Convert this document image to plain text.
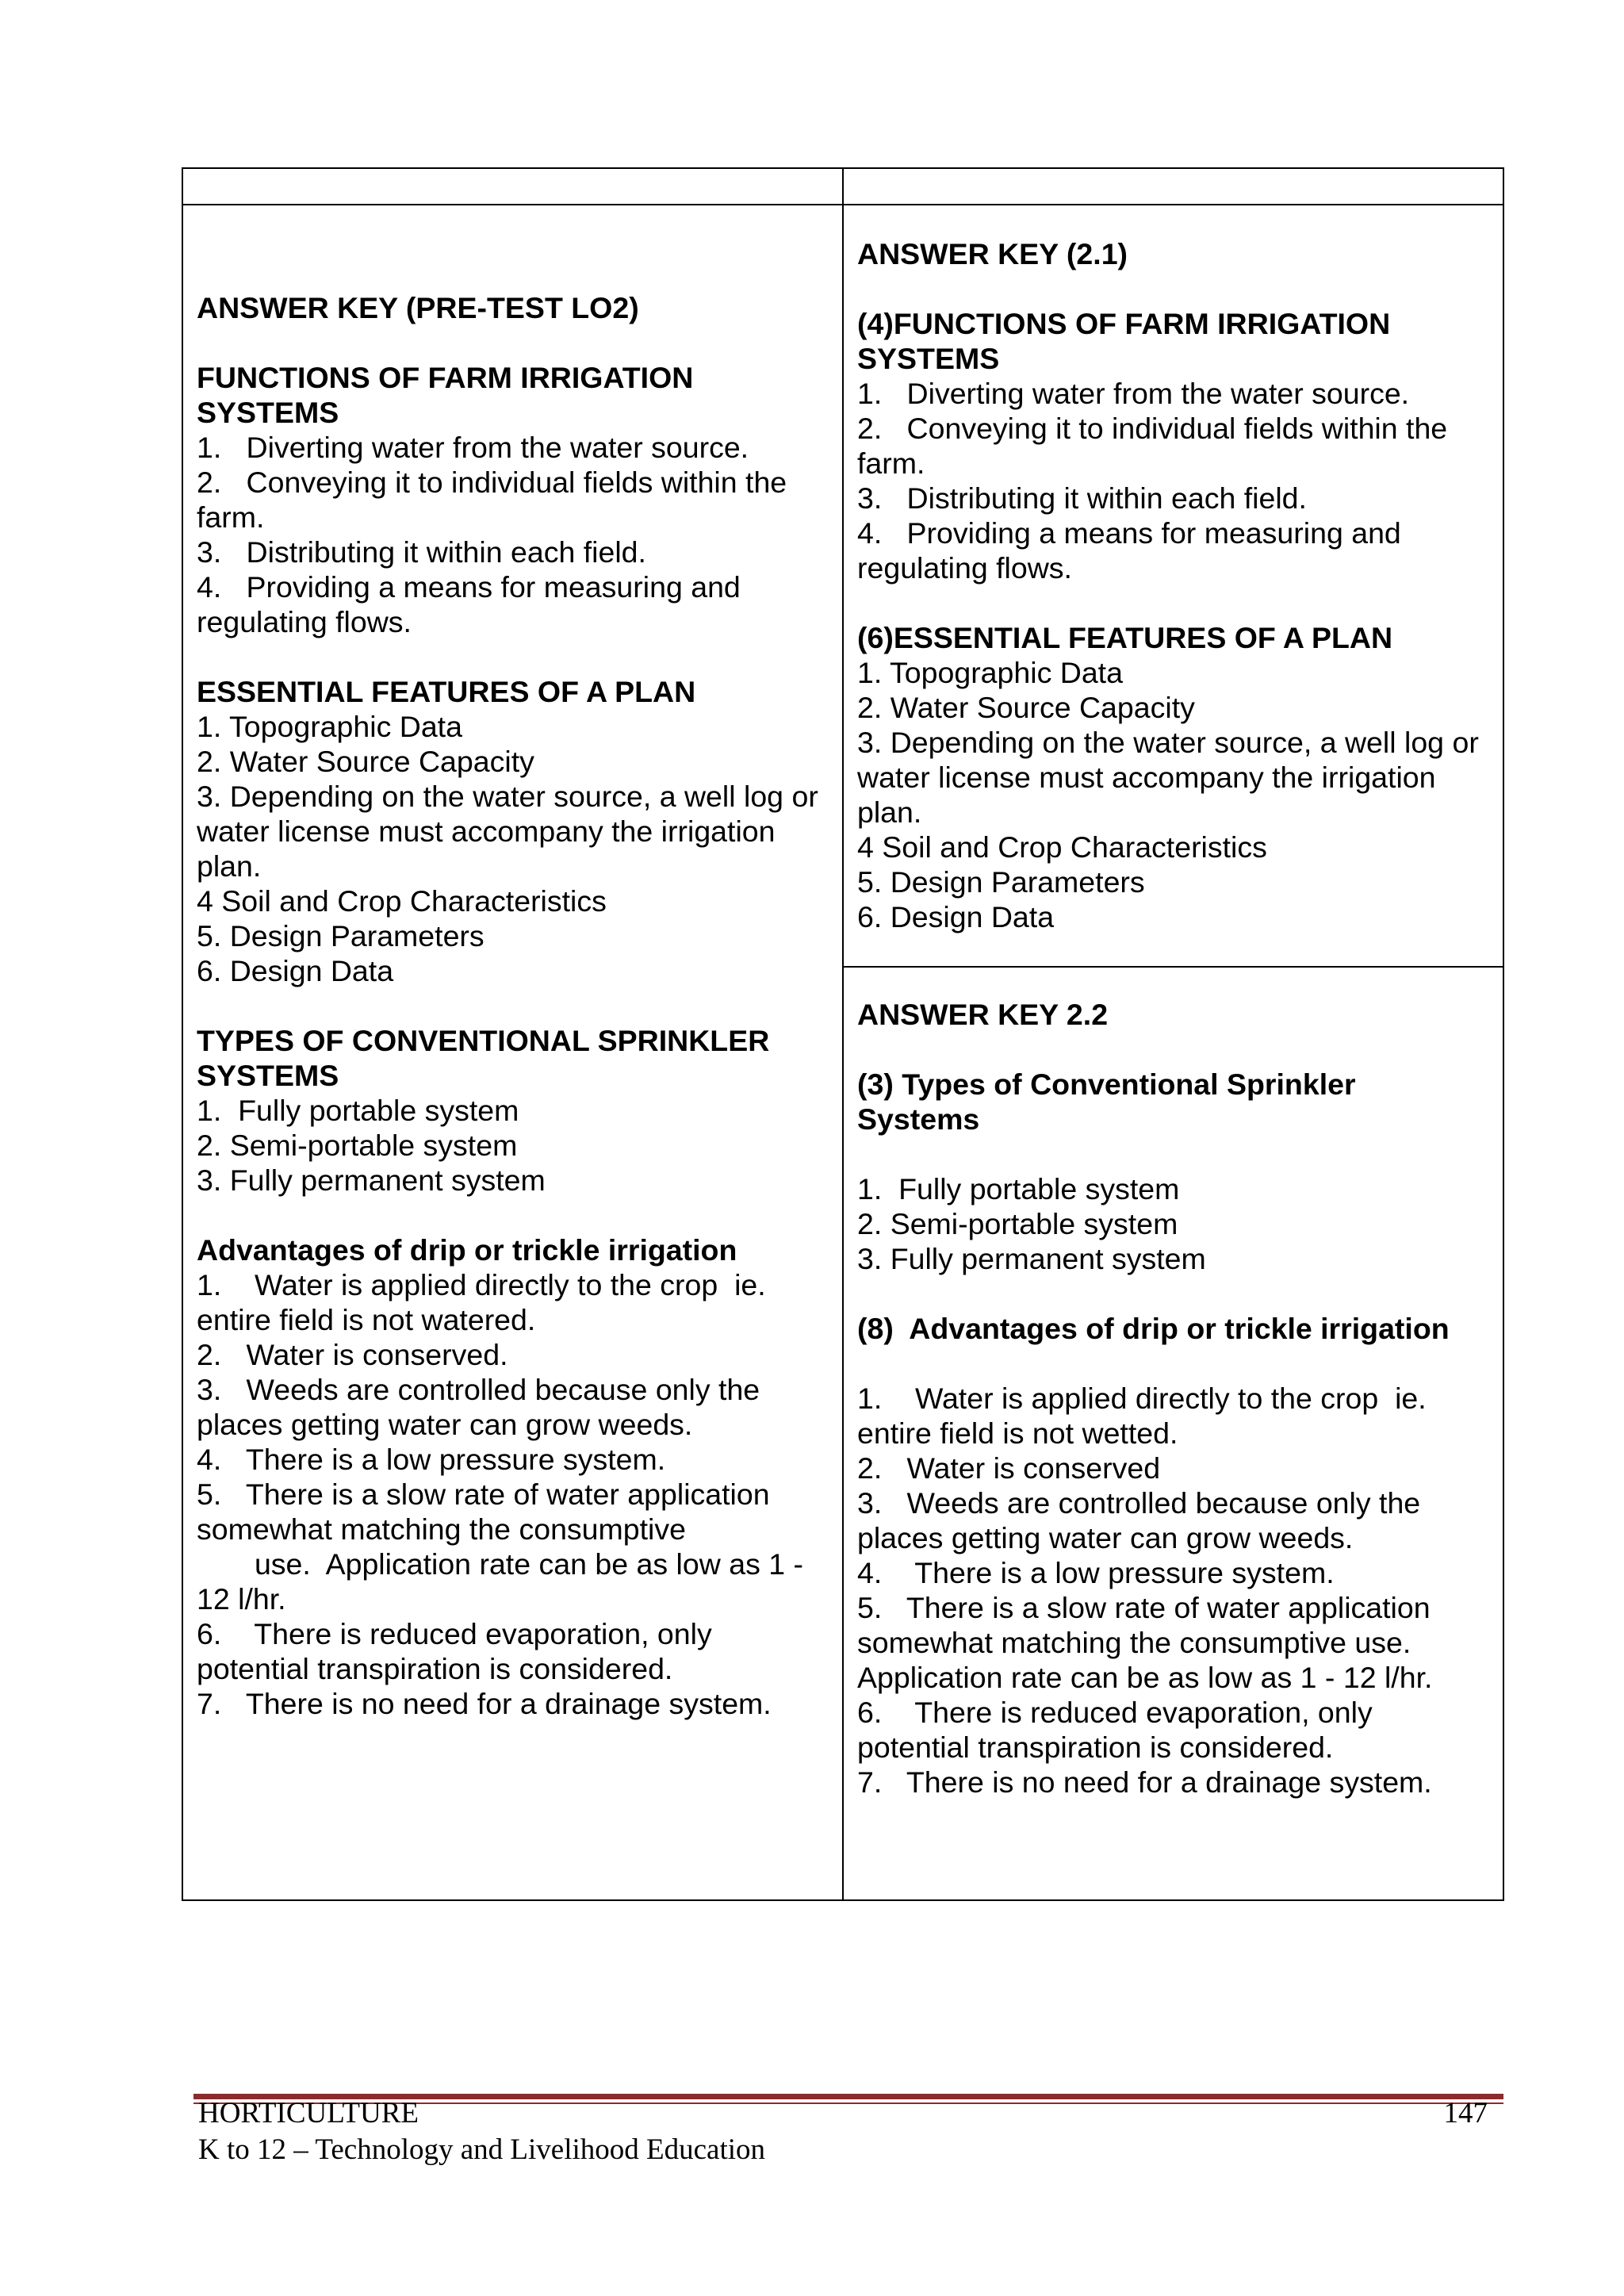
ANSWER KEY (PRE-TEST LO2)

FUNCTIONS OF FARM IRRIGATION

SYSTEMS

1.   Diverting water from the water source.

2.   Conveying it to individual fields within the

farm.

3.   Distributing it within each field.

4.   Providing a means for measuring and

regulating flows.

ESSENTIAL FEATURES OF A PLAN

1. Topographic Data

2. Water Source Capacity

3. Depending on the water source, a well log or

water license must accompany the irrigation

plan.

4 Soil and Crop Characteristics

5. Design Parameters

6. Design Data

TYPES OF CONVENTIONAL SPRINKLER

SYSTEMS

1.  Fully portable system

2. Semi-portable system

3. Fully permanent system

Advantages of drip or trickle irrigation

1.    Water is applied directly to the crop  ie.

entire field is not watered.

2.   Water is conserved.

3.   Weeds are controlled because only the

places getting water can grow weeds.

4.   There is a low pressure system.

5.   There is a slow rate of water application

somewhat matching the consumptive

use.  Application rate can be as low as 1 -

12 l/hr.

6.    There is reduced evaporation, only

potential transpiration is considered.

7.   There is no need for a drainage system.

ANSWER KEY (2.1)

(4)FUNCTIONS OF FARM IRRIGATION

SYSTEMS

1.   Diverting water from the water source.

2.   Conveying it to individual fields within the

farm.

3.   Distributing it within each field.

4.   Providing a means for measuring and

regulating flows.

(6)ESSENTIAL FEATURES OF A PLAN

1. Topographic Data

2. Water Source Capacity

3. Depending on the water source, a well log or

water license must accompany the irrigation

plan.

4 Soil and Crop Characteristics

5. Design Parameters

6. Design Data

ANSWER KEY 2.2

(3) Types of Conventional Sprinkler

Systems

1.  Fully portable system

2. Semi-portable system

3. Fully permanent system

(8)  Advantages of drip or trickle irrigation

1.    Water is applied directly to the crop  ie.

entire field is not wetted.

2.   Water is conserved

3.   Weeds are controlled because only the

places getting water can grow weeds.

4.    There is a low pressure system.

5.   There is a slow rate of water application

somewhat matching the consumptive use.

Application rate can be as low as 1 - 12 l/hr.

6.    There is reduced evaporation, only

potential transpiration is considered.

7.   There is no need for a drainage system.

HORTICULTURE
K to 12 – Technology and Livelihood Education
147
